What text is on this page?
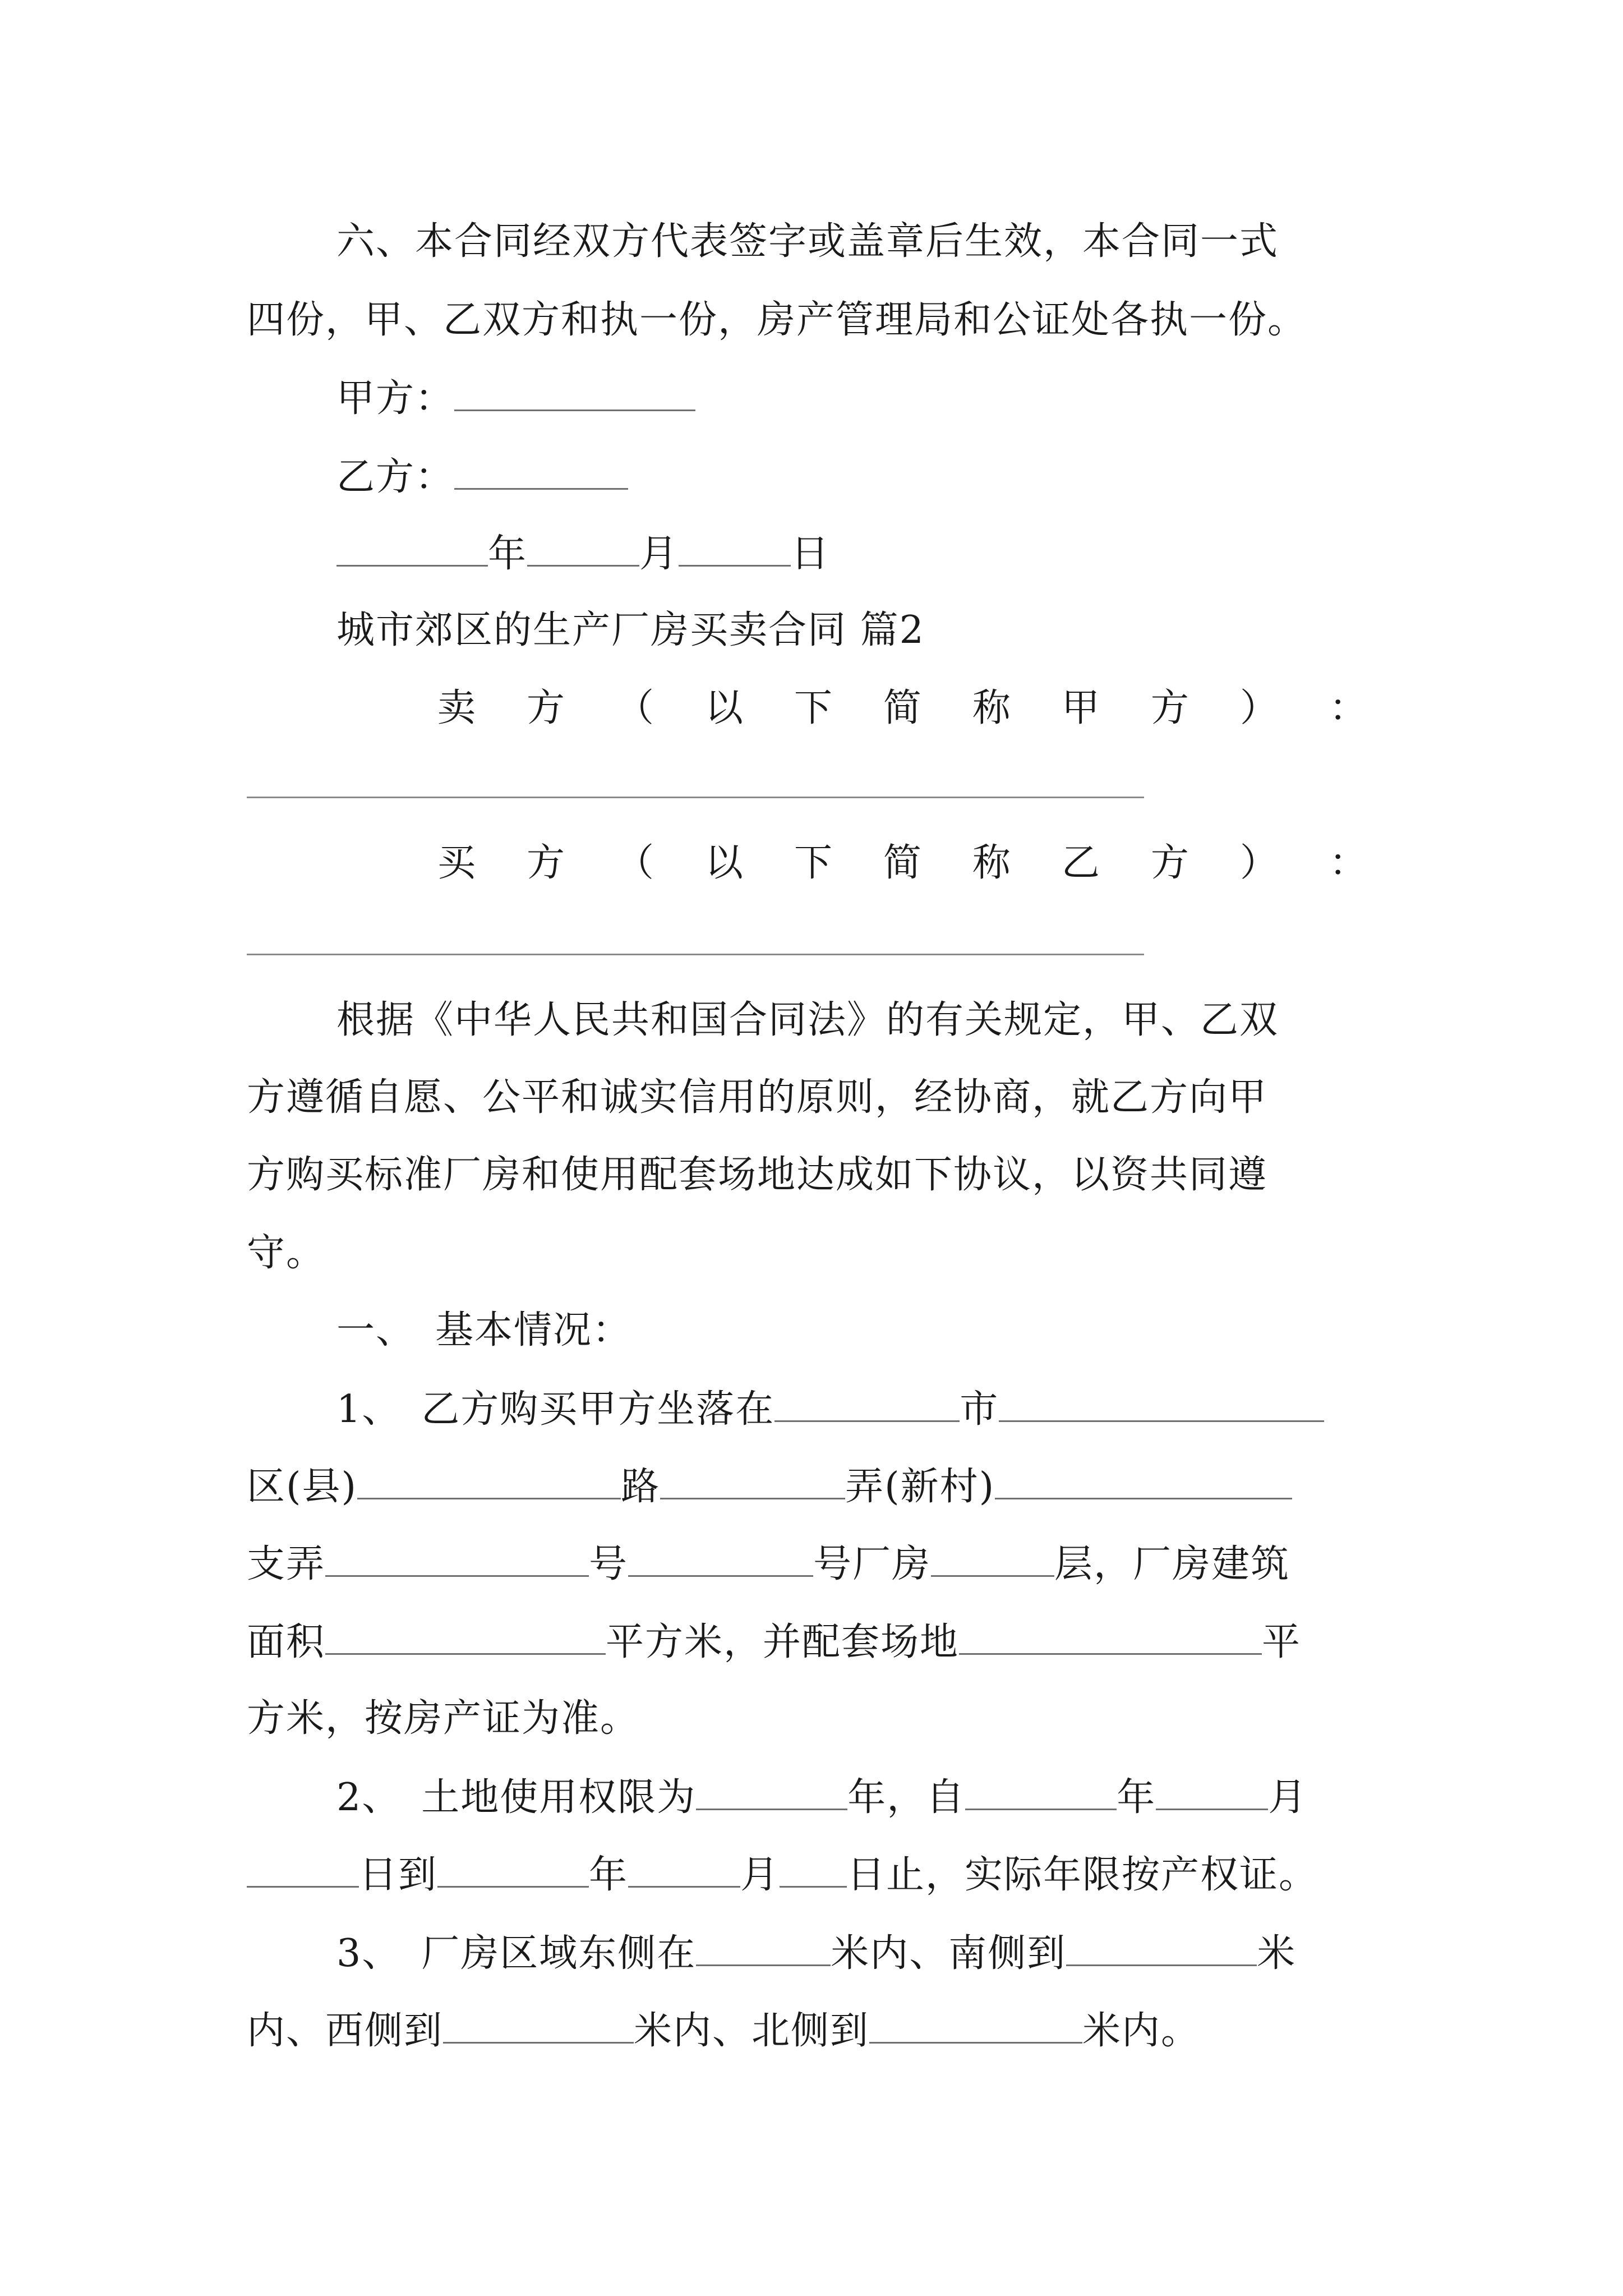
六、本合同经双方代表签字或盖章后生效，本合同一式
四份，甲、乙双方和执一份，房产管理局和公证处各执一份。
甲方：
乙方：
年	月	日
城市郊区的生产厂房买卖合同 篇2
卖 方 （ 以 下 简 称 甲 方 ） ：
买 方 （ 以 下 简 称 乙 方 ） ：
根据《中华人民共和国合同法》的有关规定，甲、乙双
方遵循自愿、公平和诚实信用的原则，经协商，就乙方向甲
方购买标准厂房和使用配套场地达成如下协议，以资共同遵
守。
一、　基本情况：
1、　乙方购买甲方坐落在	市
区(县)	路	弄(新村)
支弄	号	号厂房	层，厂房建筑
面积	平方米，并配套场地	平
方米，按房产证为准。
2、　土地使用权限为	年，自	年	月
日到	年	月 日止，实际年限按产权证。
3、　厂房区域东侧在	米内、南侧到	米
内、西侧到	米内、北侧到	米内。
